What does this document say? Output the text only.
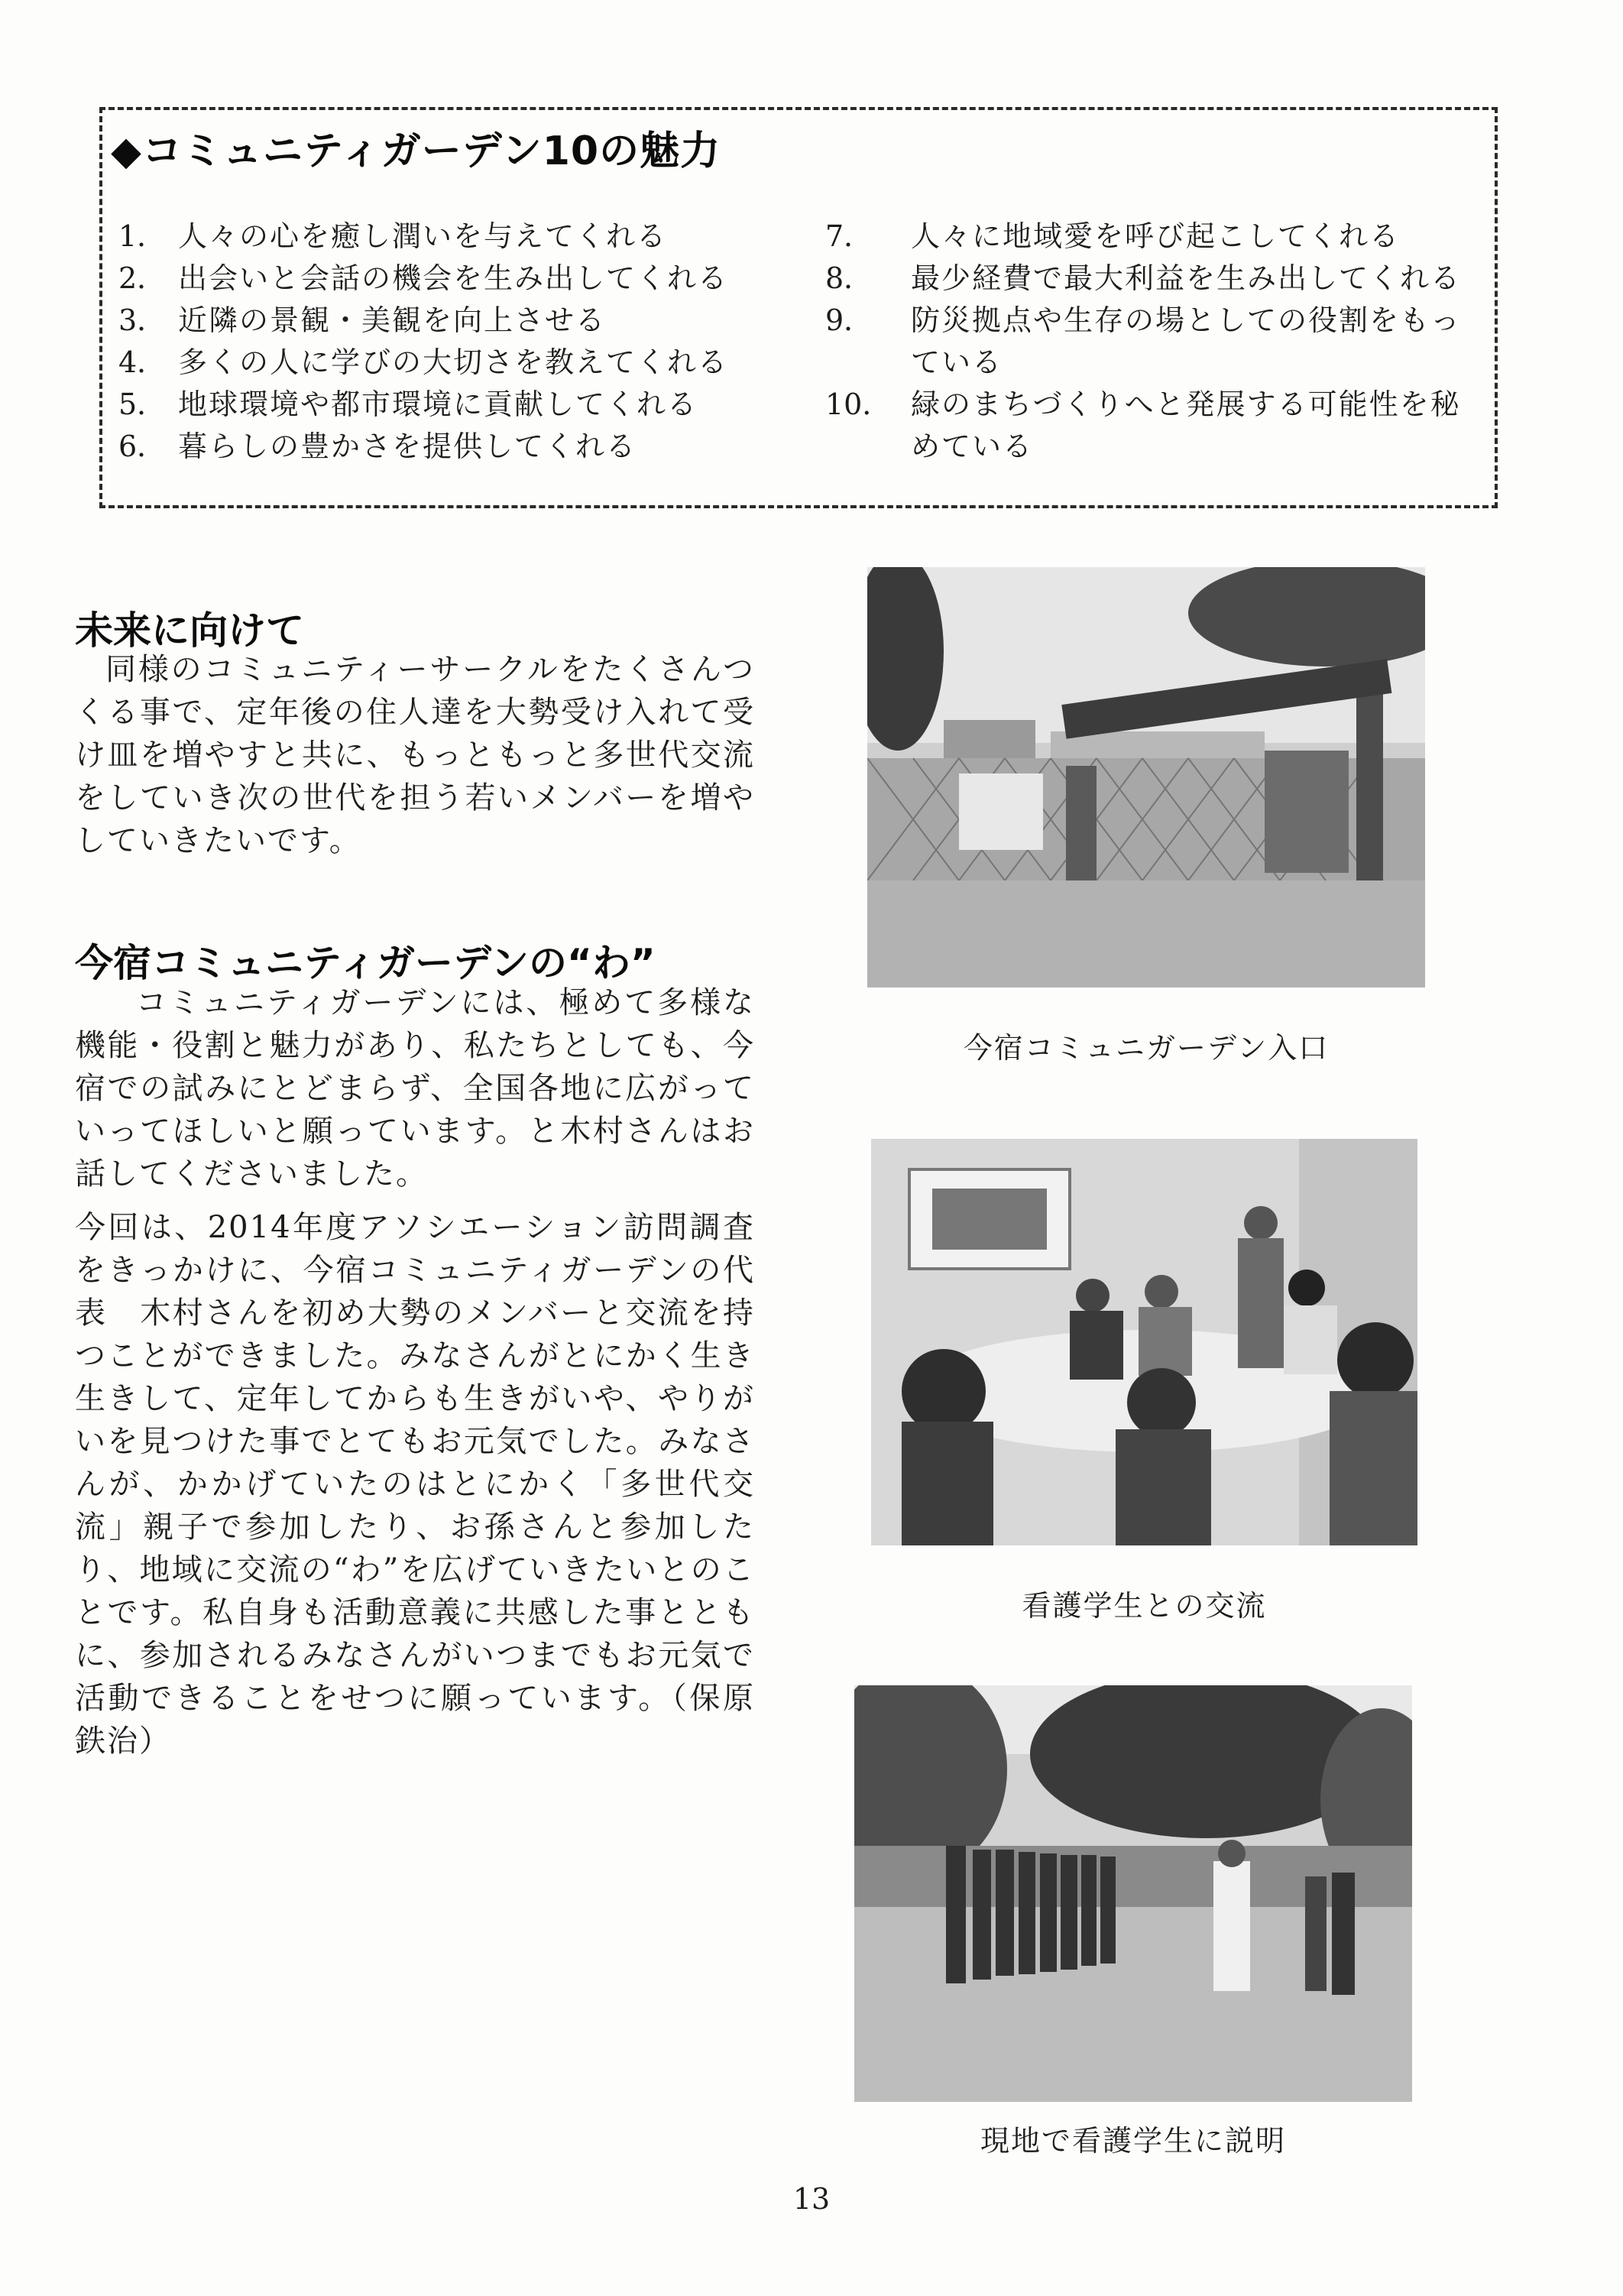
◆コミュニティガーデン10の魅力
1． 人々の心を癒し潤いを与えてくれる
2． 出会いと会話の機会を生み出してくれる
3． 近隣の景観・美観を向上させる
4． 多くの人に学びの大切さを教えてくれる
5． 地球環境や都市環境に貢献してくれる
6． 暮らしの豊かさを提供してくれる
7．	人々に地域愛を呼び起こしてくれる
8．	最少経費で最大利益を生み出してくれる
9．	防災拠点や生存の場としての役割をもっている
10． 緑のまちづくりへと発展する可能性を秘めている
未来に向けて

同様のコミュニティーサークルをたくさんつくる事で、定年後の住人達を大勢受け入れて受け皿を増やすと共に、もっともっと多世代交流をしていき次の世代を担う若いメンバーを増やしていきたいです。

今宿コミュニティガーデンの“わ”

コミュニティガーデンには、極めて多様な機能・役割と魅力があり、私たちとしても、今宿での試みにとどまらず、全国各地に広がっていってほしいと願っています。と木村さんはお話してくださいました。

今回は、2014年度アソシエーション訪問調査をきっかけに、今宿コミュニティガーデンの代表　木村さんを初め大勢のメンバーと交流を持つことができました。みなさんがとにかく生き生きして、定年してからも生きがいや、やりがいを見つけた事でとてもお元気でした。みなさんが、かかげていたのはとにかく「多世代交流」親子で参加したり、お孫さんと参加したり、地域に交流の“わ”を広げていきたいとのことです。私自身も活動意義に共感した事とともに、参加されるみなさんがいつまでもお元気で活動できることをせつに願っています。（保原　鉄治）

今宿コミュニガーデン入口

看護学生との交流

現地で看護学生に説明

13
